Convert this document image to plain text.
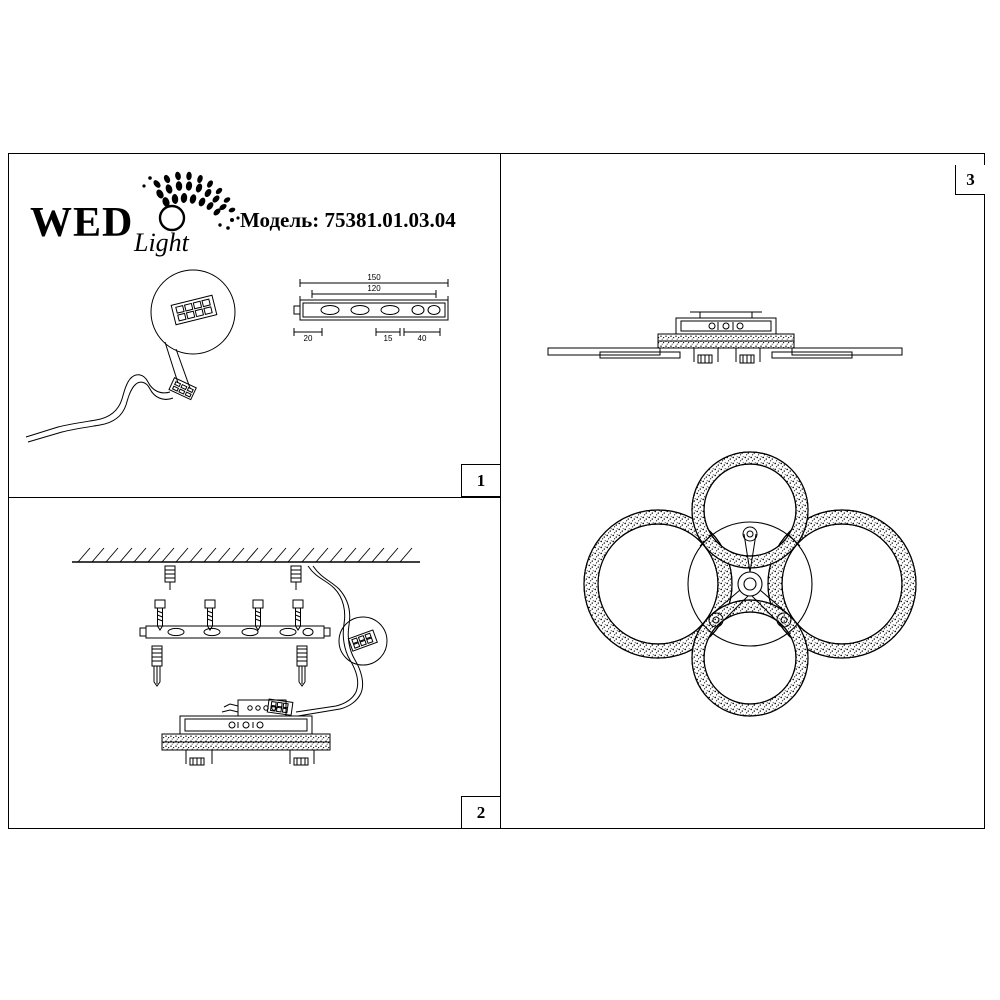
WED Light
Модель: 75381.01.03.04
1
2
3
150
120
20	15	40
